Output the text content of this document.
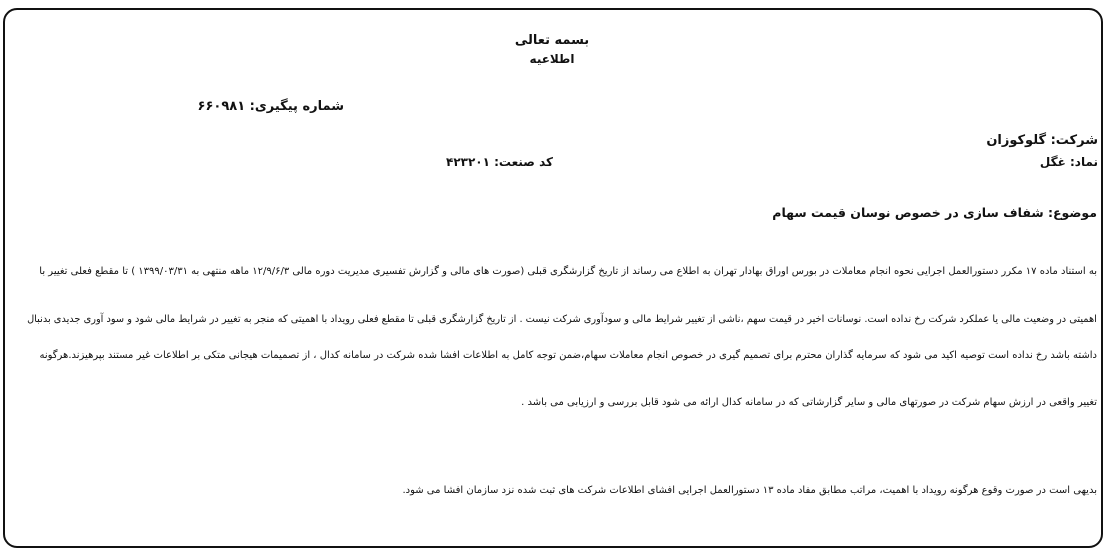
بسمه تعالی
اطلاعیه
شماره پیگیری: ۶۶۰۹۸۱
شرکت: گلوکوزان
نماد: غگل
کد صنعت: ۴۲۳۲۰۱
موضوع: شفاف سازی در خصوص نوسان قیمت سهام
به استناد ماده ۱۷ مکرر دستورالعمل اجرایی نحوه انجام معاملات در بورس اوراق بهادار تهران به اطلاع می رساند از تاریخ گزارشگری قبلی (صورت های مالی و گزارش تفسیری مدیریت دوره مالی ۱۲/۹/۶/۳ ماهه منتهی به ۱۳۹۹/۰۳/۳۱ ) تا مقطع فعلی تغییر با
اهمیتی در وضعیت مالی یا عملکرد شرکت رخ نداده است. نوسانات اخیر در قیمت سهم ،ناشی از تغییر شرایط مالی و سودآوری شرکت نیست . از تاریخ گزارشگری قبلی تا مقطع فعلی رویداد با اهمیتی که منجر به تغییر در شرایط مالی شود و سود آوری جدیدی بدنبال
داشته باشد رخ نداده است توصیه اکید می شود که سرمایه گذاران محترم برای تصمیم گیری در خصوص انجام معاملات سهام،ضمن توجه کامل به اطلاعات افشا شده شرکت در سامانه کدال ، از تصمیمات هیجانی متکی بر اطلاعات غیر مستند بپرهیزند.هرگونه
تغییر واقعی در ارزش سهام شرکت در صورتهای مالی و سایر گزارشاتی که در سامانه کدال ارائه می شود قابل بررسی و ارزیابی می باشد .
بدیهی است در صورت وقوع هرگونه رویداد با اهمیت، مراتب مطابق مفاد ماده ۱۳ دستورالعمل اجرایی افشای اطلاعات شرکت های ثبت شده نزد سازمان افشا می شود.
